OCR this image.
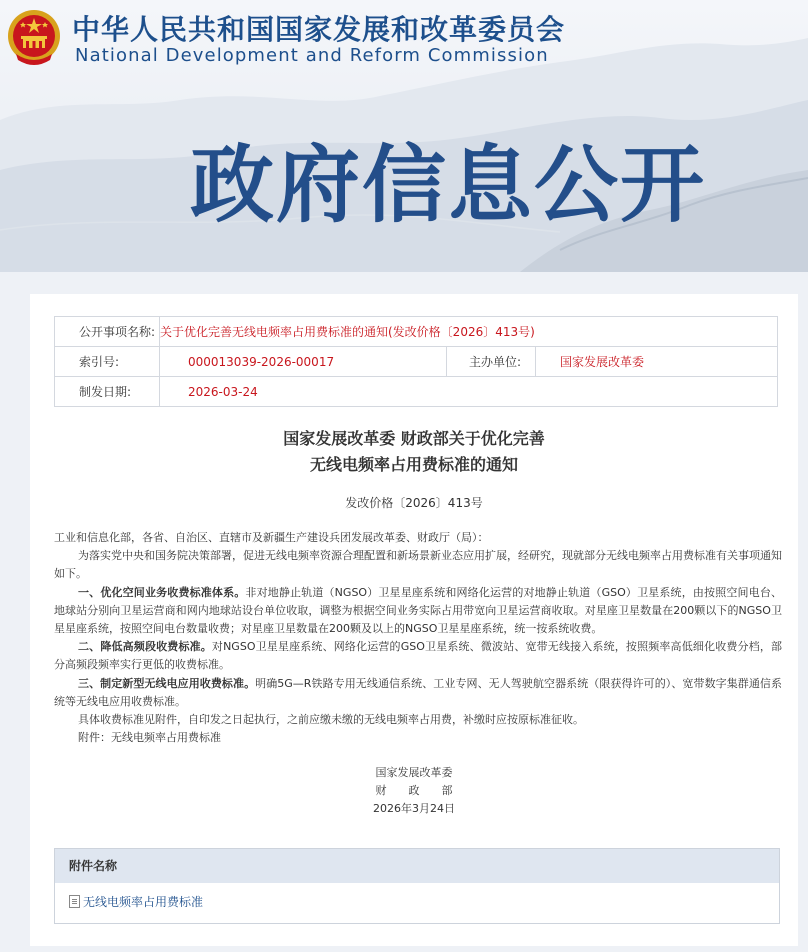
中华人民共和国国家发展和改革委员会
National Development and Reform Commission
政府信息公开
公开事项名称:	关于优化完善无线电频率占用费标准的通知(发改价格〔2026〕413号)		
索引号:	000013039-2026-00017	主办单位:	国家发展改革委
制发日期:	2026-03-24		
国家发展改革委 财政部关于优化完善
无线电频率占用费标准的通知
发改价格〔2026〕413号

工业和信息化部，各省、自治区、直辖市及新疆生产建设兵团发展改革委、财政厅（局）：

为落实党中央和国务院决策部署，促进无线电频率资源合理配置和新场景新业态应用扩展，经研究，现就部分无线电频率占用费标准有关事项通知如下。

一、优化空间业务收费标准体系。非对地静止轨道（NGSO）卫星星座系统和网络化运营的对地静止轨道（GSO）卫星系统，由按照空间电台、地球站分别向卫星运营商和网内地球站设台单位收取，调整为根据空间业务实际占用带宽向卫星运营商收取。对星座卫星数量在200颗以下的NGSO卫星星座系统，按照空间电台数量收费；对星座卫星数量在200颗及以上的NGSO卫星星座系统，统一按系统收费。

二、降低高频段收费标准。对NGSO卫星星座系统、网络化运营的GSO卫星系统、微波站、宽带无线接入系统，按照频率高低细化收费分档，部分高频段频率实行更低的收费标准。

三、制定新型无线电应用收费标准。明确5G—R铁路专用无线通信系统、工业专网、无人驾驶航空器系统（限获得许可的）、宽带数字集群通信系统等无线电应用收费标准。

具体收费标准见附件，自印发之日起执行，之前应缴未缴的无线电频率占用费，补缴时应按原标准征收。

附件：无线电频率占用费标准

国家发展改革委
财　　政　　部
2026年3月24日
附件名称
无线电频率占用费标准
